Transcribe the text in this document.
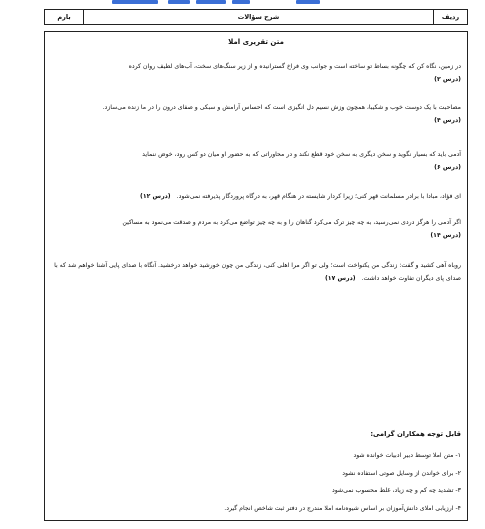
ردیف
شرح سؤالات
بارم
متن تقریری املا
در زمین، نگاه کن که چگونه بساط تو ساخته است و جوانب وی فراخ گسترانیده و از زیر سنگ‌های سخت، آب‌های لطیف روان کرده
(درس ۲)
مصاحبت با یک دوست خوب و شکیبا، همچون وزش نسیم دل انگیزی است که احساس آرامش و سبکی و صفای درون را در ما زنده می‌سازد.
(درس ۴)
آدمی باید که بسیار نگوید و سخن دیگری به سخن خود قطع نکند و در محاوراتی که به حضور او میان دو کس رود، خوض ننماید
(درس ۶)
ای فؤاد، مبادا با برادر مسلمانت قهر کنی؛ زیرا کردار شایسته در هنگام قهر، به درگاه پروردگار پذیرفته نمی‌شود. (درس ۱۲)
اگر آدمی را هرگز دردی نمی‌رسید، به چه چیز ترک می‌کرد گناهان را و به چه چیز تواضع می‌کرد به مردم و صدقت می‌نمود به مساکین
(درس ۱۴)
روباه آهی کشید و گفت: زندگی من یکنواخت است؛ ولی تو اگر مرا اهلی کنی، زندگی من چون خورشید خواهد درخشید. آنگاه با صدای پایی آشنا خواهم شد که با صدای پای دیگران تفاوت خواهد داشت. (درس ۱۷)
قابل توجه همکاران گرامی:
۱- متن املا توسط دبیر ادبیات خوانده شود
۲- برای خواندن از وسایل صوتی استفاده نشود
۳- تشدید چه کم و چه زیاد، غلط محسوب نمی‌شود
۴- ارزیابی املای دانش‌آموزان بر اساس شیوه‌نامه املا مندرج در دفتر ثبت شاخص انجام گیرد.
